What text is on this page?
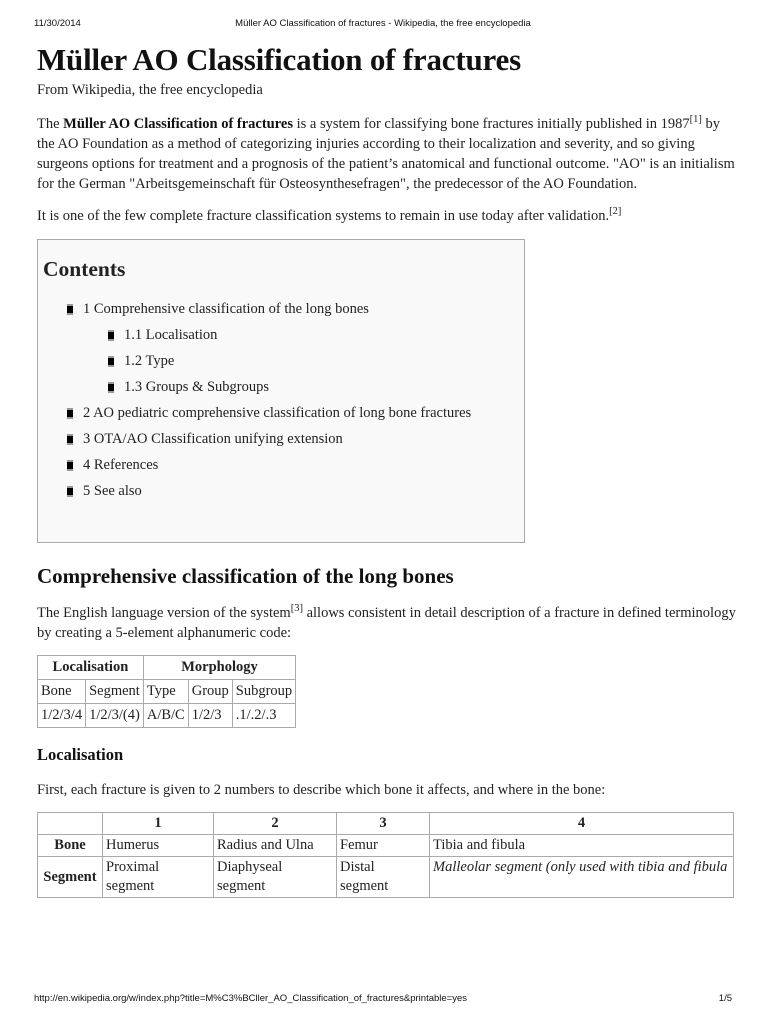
11/30/2014	Müller AO Classification of fractures - Wikipedia, the free encyclopedia
Müller AO Classification of fractures
From Wikipedia, the free encyclopedia

The Müller AO Classification of fractures is a system for classifying bone fractures initially published in 1987[1] by the AO Foundation as a method of categorizing injuries according to their localization and severity, and so giving surgeons options for treatment and a prognosis of the patient’s anatomical and functional outcome. "AO" is an initialism for the German "Arbeitsgemeinschaft für Osteosynthesefragen", the predecessor of the AO Foundation.

It is one of the few complete fracture classification systems to remain in use today after validation.[2]

Contents
1 Comprehensive classification of the long bones
1.1 Localisation
1.2 Type
1.3 Groups & Subgroups
2 AO pediatric comprehensive classification of long bone fractures
3 OTA/AO Classification unifying extension
4 References
5 See also
Comprehensive classification of the long bones

The English language version of the system[3] allows consistent in detail description of a fracture in defined terminology by creating a 5-element alphanumeric code:

Localisation		Morphology		
Bone	Segment	Type	Group	Subgroup
1/2/3/4	1/2/3/(4)	A/B/C	1/2/3	.1/.2/.3
Localisation

First, each fracture is given to 2 numbers to describe which bone it affects, and where in the bone:

	1	2	3	4
Bone	Humerus	Radius and Ulna	Femur	Tibia and fibula
Segment	Proximal segment	Diaphyseal segment	Distal segment	Malleolar segment (only used with tibia and fibula
http://en.wikipedia.org/w/index.php?title=M%C3%BCller_AO_Classification_of_fractures&printable=yes	1/5
